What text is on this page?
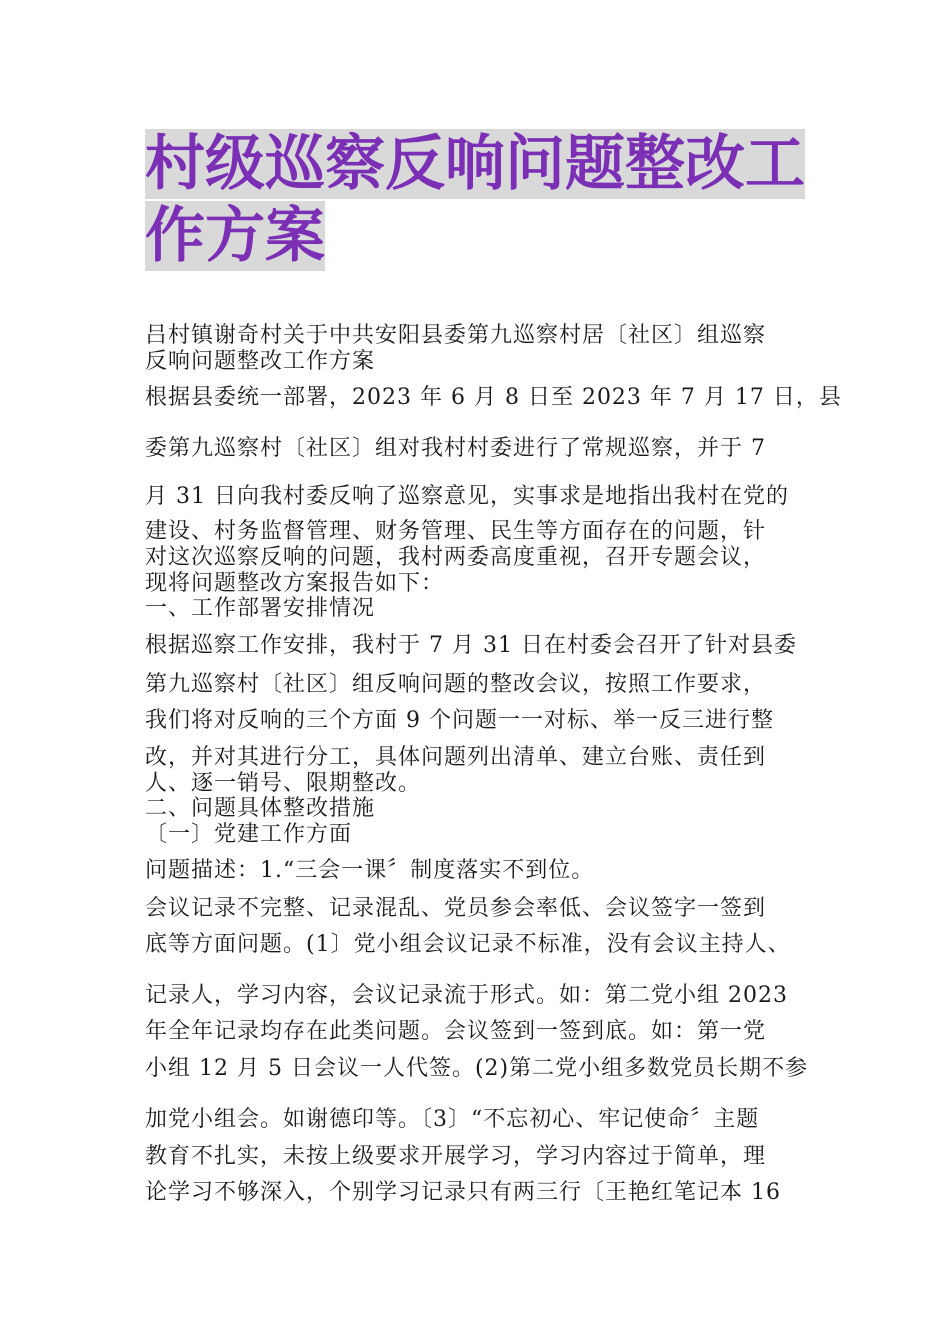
村级巡察反响问题整改工
作方案
吕村镇谢奇村关于中共安阳县委第九巡察村居〔社区〕组巡察
反响问题整改工作方案
根据县委统一部署，2023 年 6 月 8 日至 2023 年 7 月 17 日，县
委第九巡察村〔社区〕组对我村村委进行了常规巡察，并于 7
月 31 日向我村委反响了巡察意见，实事求是地指出我村在党的
建设、村务监督管理、财务管理、民生等方面存在的问题，针
对这次巡察反响的问题，我村两委高度重视，召开专题会议，
现将问题整改方案报告如下：
一、工作部署安排情况
根据巡察工作安排，我村于 7 月 31 日在村委会召开了针对县委
第九巡察村〔社区〕组反响问题的整改会议，按照工作要求，
我们将对反响的三个方面 9 个问题一一对标、举一反三进行整
改，并对其进行分工，具体问题列出清单、建立台账、责任到
人、逐一销号、限期整改。
二、问题具体整改措施
〔一〕党建工作方面
问题描述：1.“三会一课〞制度落实不到位。
会议记录不完整、记录混乱、党员参会率低、会议签字一签到
底等方面问题。(1〕党小组会议记录不标准，没有会议主持人、
记录人，学习内容，会议记录流于形式。如：第二党小组 2023
年全年记录均存在此类问题。会议签到一签到底。如：第一党
小组 12 月 5 日会议一人代签。(2)第二党小组多数党员长期不参
加党小组会。如谢德印等。〔3〕“不忘初心、牢记使命〞主题
教育不扎实，未按上级要求开展学习，学习内容过于简单，理
论学习不够深入，个别学习记录只有两三行〔王艳红笔记本 16
